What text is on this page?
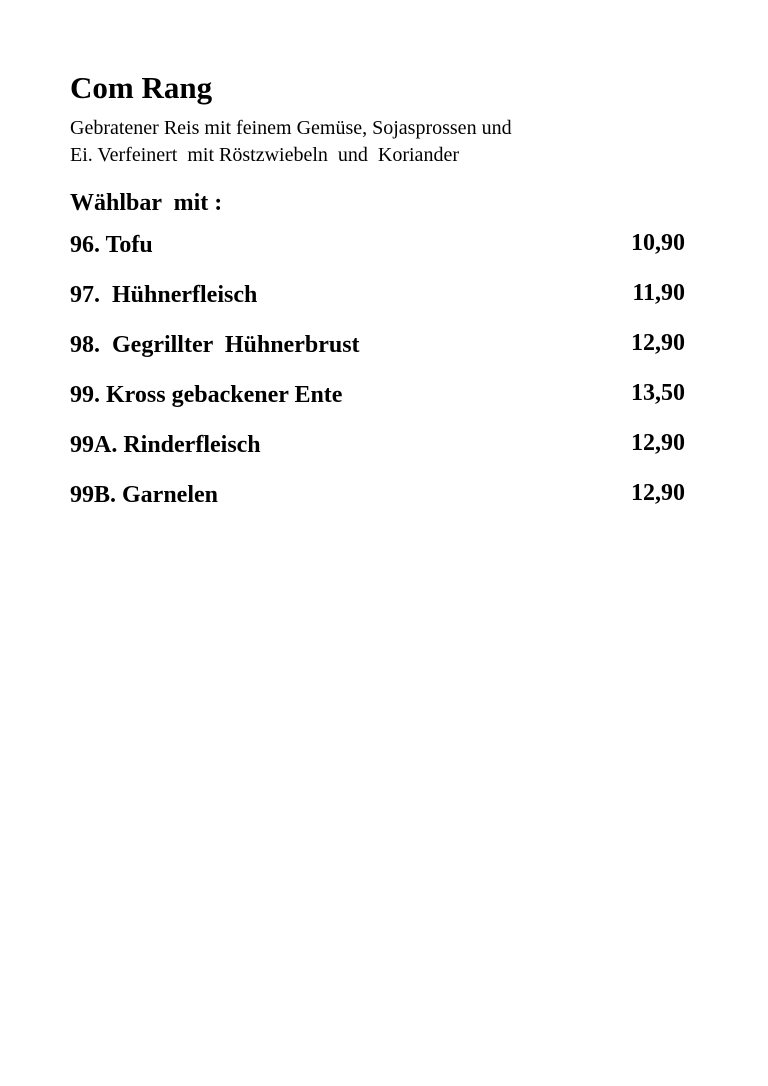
Com Rang
Gebratener Reis mit feinem Gemüse, Sojasprossen und
Ei. Verfeinert  mit Röstzwiebeln  und  Koriander
Wählbar  mit :
96. Tofu	10,90
97.  Hühnerfleisch	11,90
98.  Gegrillter  Hühnerbrust	12,90
99. Kross gebackener Ente	13,50
99A. Rinderfleisch	12,90
99B. Garnelen	12,90
